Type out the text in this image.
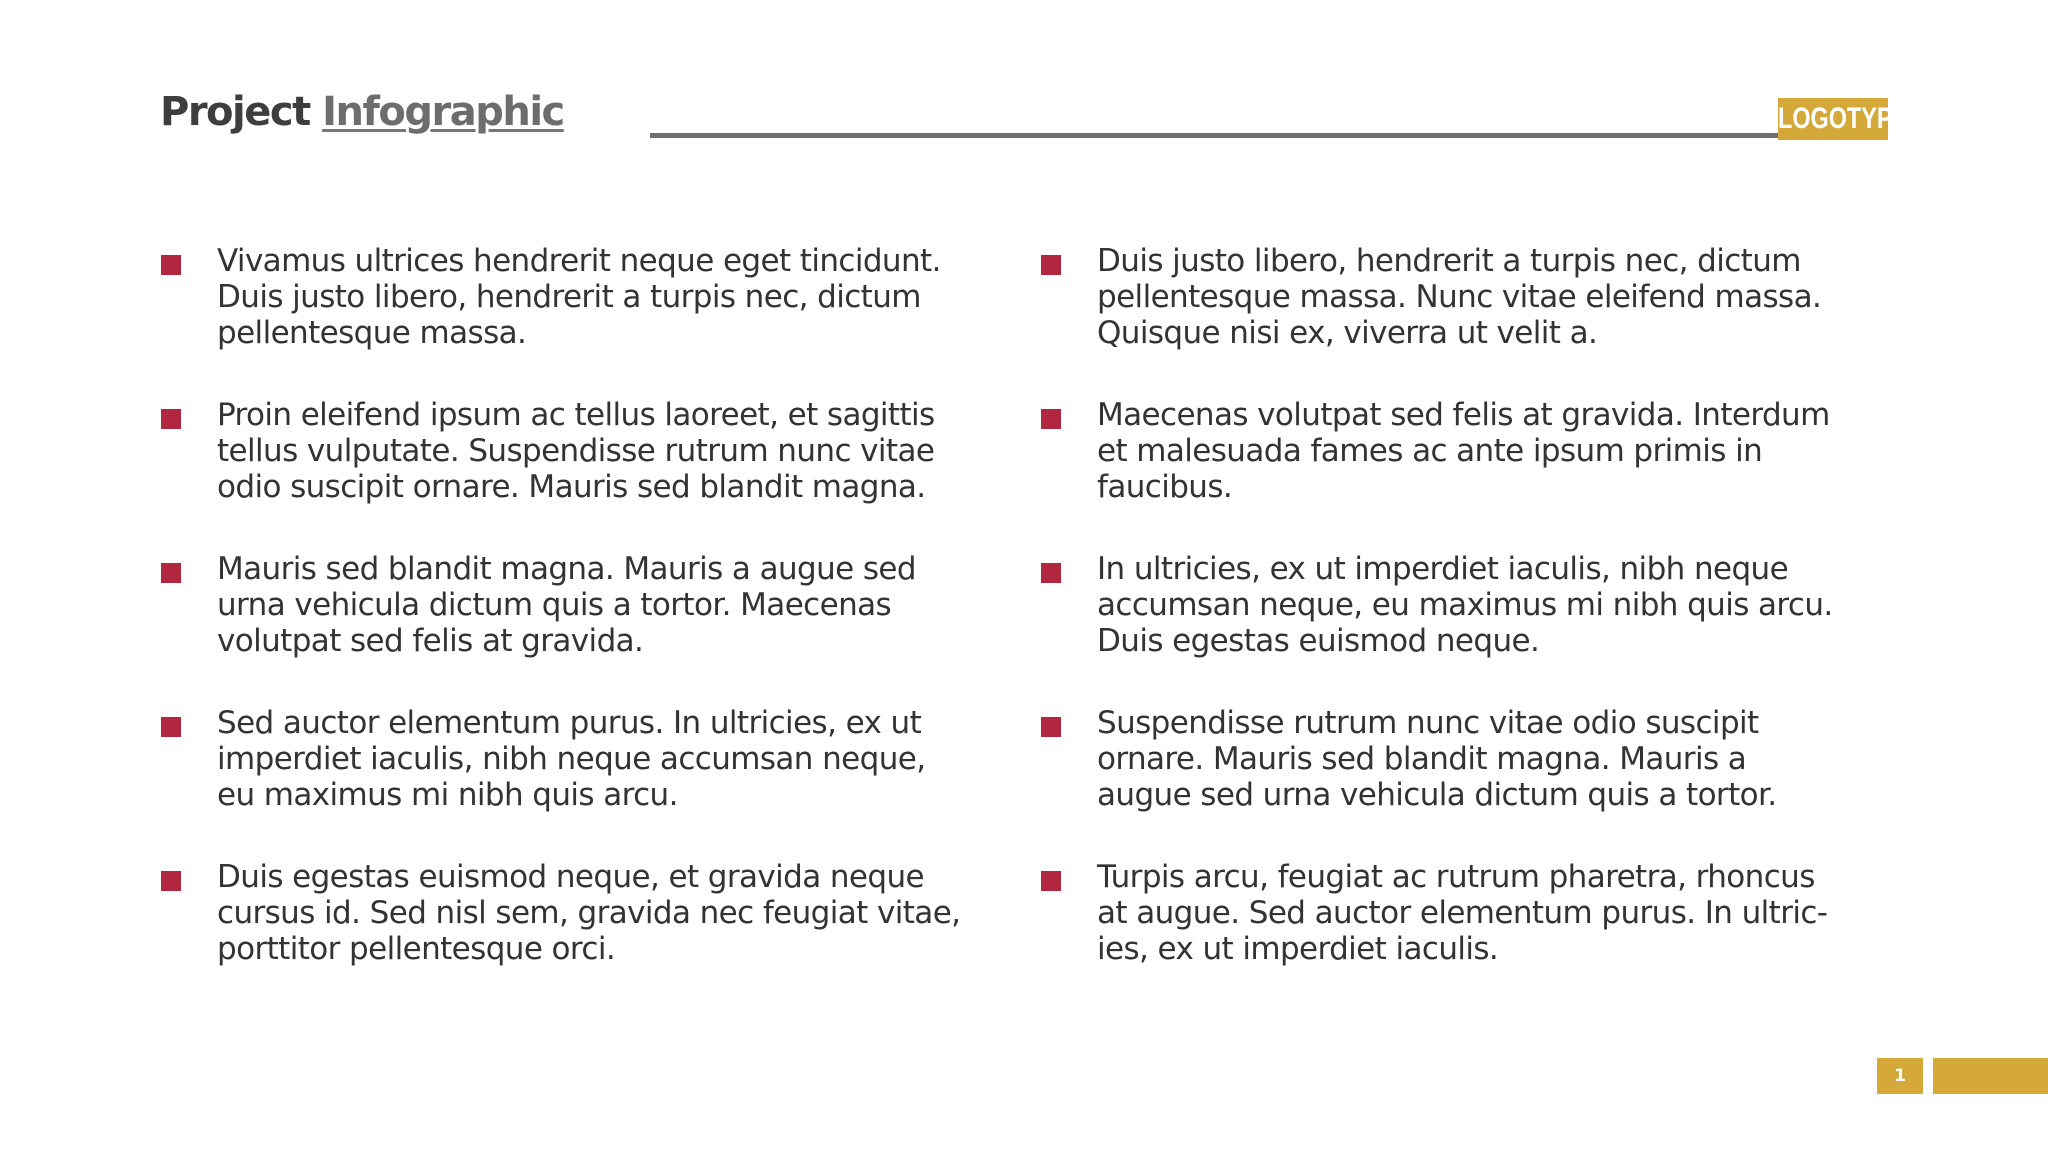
Project Infographic	LOGOTYPE
Vivamus ultrices hendrerit neque eget tincidunt. Duis justo libero, hendrerit a turpis nec, dictum pellentesque massa.
Proin eleifend ipsum ac tellus laoreet, et sagittis tellus vulputate. Suspendisse rutrum nunc vitae odio suscipit ornare. Mauris sed blandit magna.
Mauris sed blandit magna. Mauris a augue sed urna vehicula dictum quis a tortor. Maecenas volutpat sed felis at gravida.
Sed auctor elementum purus. In ultricies, ex ut imperdiet iaculis, nibh neque accumsan neque, eu maximus mi nibh quis arcu.
Duis egestas euismod neque, et gravida neque cursus id. Sed nisl sem, gravida nec feugiat vitae, porttitor pellentesque orci.
Duis justo libero, hendrerit a turpis nec, dictum pellentesque massa. Nunc vitae eleifend massa. Quisque nisi ex, viverra ut velit a.
Maecenas volutpat sed felis at gravida. Interdum et malesuada fames ac ante ipsum primis in faucibus.
In ultricies, ex ut imperdiet iaculis, nibh neque accumsan neque, eu maximus mi nibh quis arcu. Duis egestas euismod neque.
Suspendisse rutrum nunc vitae odio suscipit ornare. Mauris sed blandit magna. Mauris a augue sed urna vehicula dictum quis a tortor.
Turpis arcu, feugiat ac rutrum pharetra, rhoncus at augue. Sed auctor elementum purus. In ultric-ies, ex ut imperdiet iaculis.
1
